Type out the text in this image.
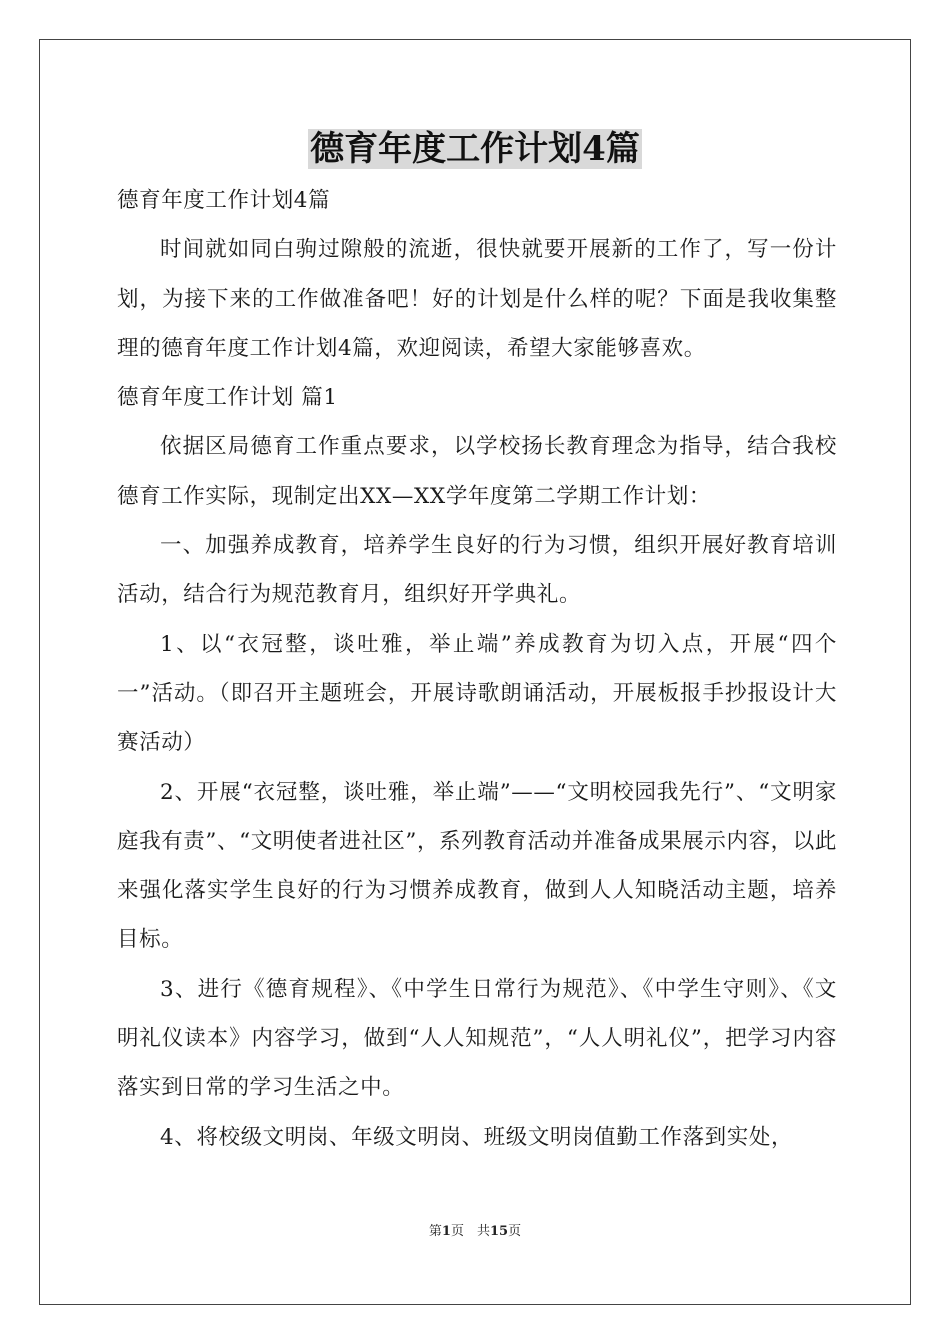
德育年度工作计划4篇

德育年度工作计划4篇

时间就如同白驹过隙般的流逝，很快就要开展新的工作了，写一份计划，为接下来的工作做准备吧！好的计划是什么样的呢？下面是我收集整理的德育年度工作计划4篇，欢迎阅读，希望大家能够喜欢。

德育年度工作计划 篇1

依据区局德育工作重点要求，以学校扬长教育理念为指导，结合我校德育工作实际，现制定出XX—XX学年度第二学期工作计划：

一、加强养成教育，培养学生良好的行为习惯，组织开展好教育培训活动，结合行为规范教育月，组织好开学典礼。

1、以“衣冠整，谈吐雅，举止端”养成教育为切入点，开展“四个一”活动。（即召开主题班会，开展诗歌朗诵活动，开展板报手抄报设计大赛活动）

2、开展“衣冠整，谈吐雅，举止端”——“文明校园我先行”、“文明家庭我有责”、“文明使者进社区”，系列教育活动并准备成果展示内容，以此来强化落实学生良好的行为习惯养成教育，做到人人知晓活动主题，培养目标。

3、进行《德育规程》、《中学生日常行为规范》、《中学生守则》、《文明礼仪读本》内容学习，做到“人人知规范”，“人人明礼仪”，把学习内容落实到日常的学习生活之中。

4、将校级文明岗、年级文明岗、班级文明岗值勤工作落到实处，

第1页　共15页
